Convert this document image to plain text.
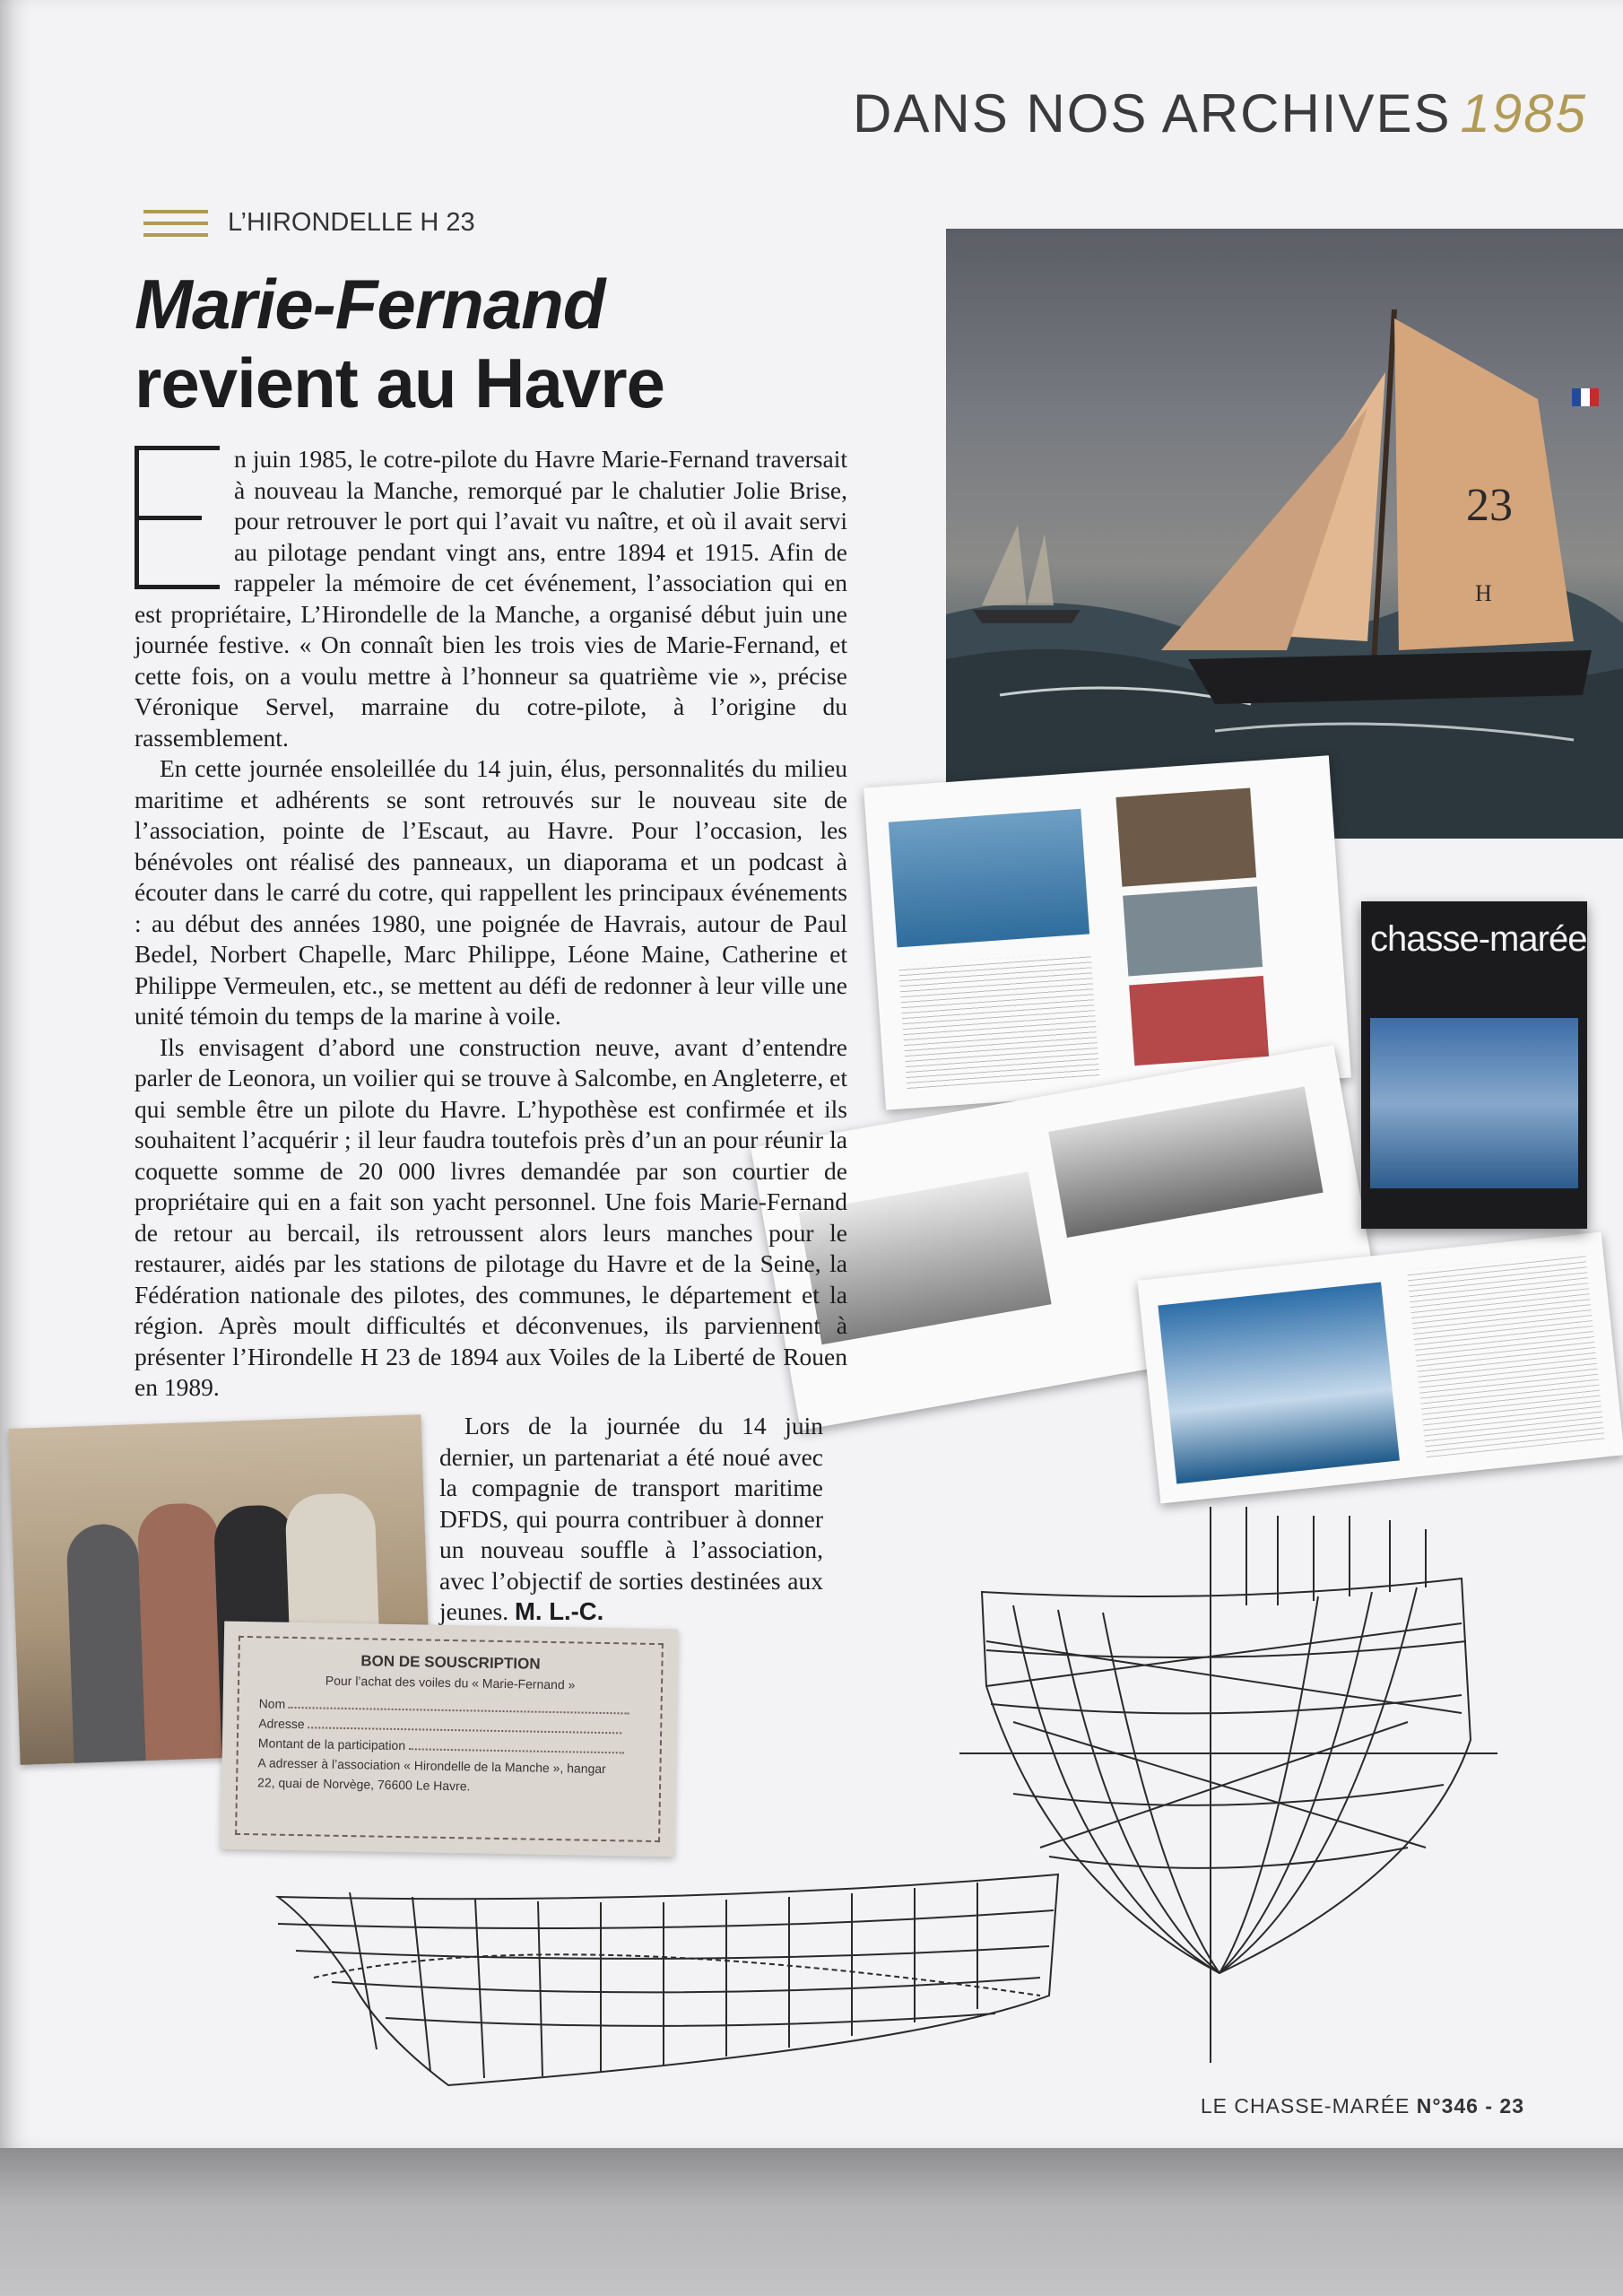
DANS NOS ARCHIVES 1985
L’HIRONDELLE H 23
Marie-Fernand
revient au Havre
23
H
chasse-marée

n juin 1985, le cotre-pilote du Havre Marie-Fernand traversait à nouveau la Manche, remorqué par le chalutier Jolie Brise, pour retrouver le port qui l’avait vu naître, et où il avait servi au pilotage pendant vingt ans, entre 1894 et 1915. Afin de rappeler la mémoire de cet événement, l’association qui en est propriétaire, L’Hirondelle de la Manche, a organisé début juin une journée festive. « On connaît bien les trois vies de Marie-Fernand, et cette fois, on a voulu mettre à l’honneur sa quatrième vie », précise Véronique Servel, marraine du cotre-pilote, à l’origine du rassemblement.

En cette journée ensoleillée du 14 juin, élus, personnalités du milieu maritime et adhérents se sont retrouvés sur le nouveau site de l’association, pointe de l’Escaut, au Havre. Pour l’occasion, les bénévoles ont réalisé des panneaux, un diaporama et un podcast à écouter dans le carré du cotre, qui rappellent les principaux événements : au début des années 1980, une poignée de Havrais, autour de Paul Bedel, Norbert Chapelle, Marc Philippe, Léone Maine, Catherine et Philippe Vermeulen, etc., se mettent au défi de redonner à leur ville une unité témoin du temps de la marine à voile.

Ils envisagent d’abord une construction neuve, avant d’entendre parler de Leonora, un voilier qui se trouve à Salcombe, en Angleterre, et qui semble être un pilote du Havre. L’hypothèse est confirmée et ils souhaitent l’acquérir ; il leur faudra toutefois près d’un an pour réunir la coquette somme de 20 000 livres demandée par son courtier de propriétaire qui en a fait son yacht personnel. Une fois Marie-Fernand de retour au bercail, ils retroussent alors leurs manches pour le restaurer, aidés par les stations de pilotage du Havre et de la Seine, la Fédération nationale des pilotes, des communes, le département et la région. Après moult difficultés et déconvenues, ils parviennent à présenter l’Hirondelle H 23 de 1894 aux Voiles de la Liberté de Rouen en 1989.

Lors de la journée du 14 juin dernier, un partenariat a été noué avec la compagnie de transport maritime DFDS, qui pourra contribuer à donner un nouveau souffle à l’association, avec l’objectif de sorties destinées aux jeunes. M. L.-C.

BON DE SOUSCRIPTION
Pour l’achat des voiles du « Marie-Fernand »
Nom
Adresse
Montant de la participation
A adresser à l’association « Hirondelle de la Manche », hangar
22, quai de Norvège, 76600 Le Havre.
LE CHASSE-MARÉE N°346 - 23
